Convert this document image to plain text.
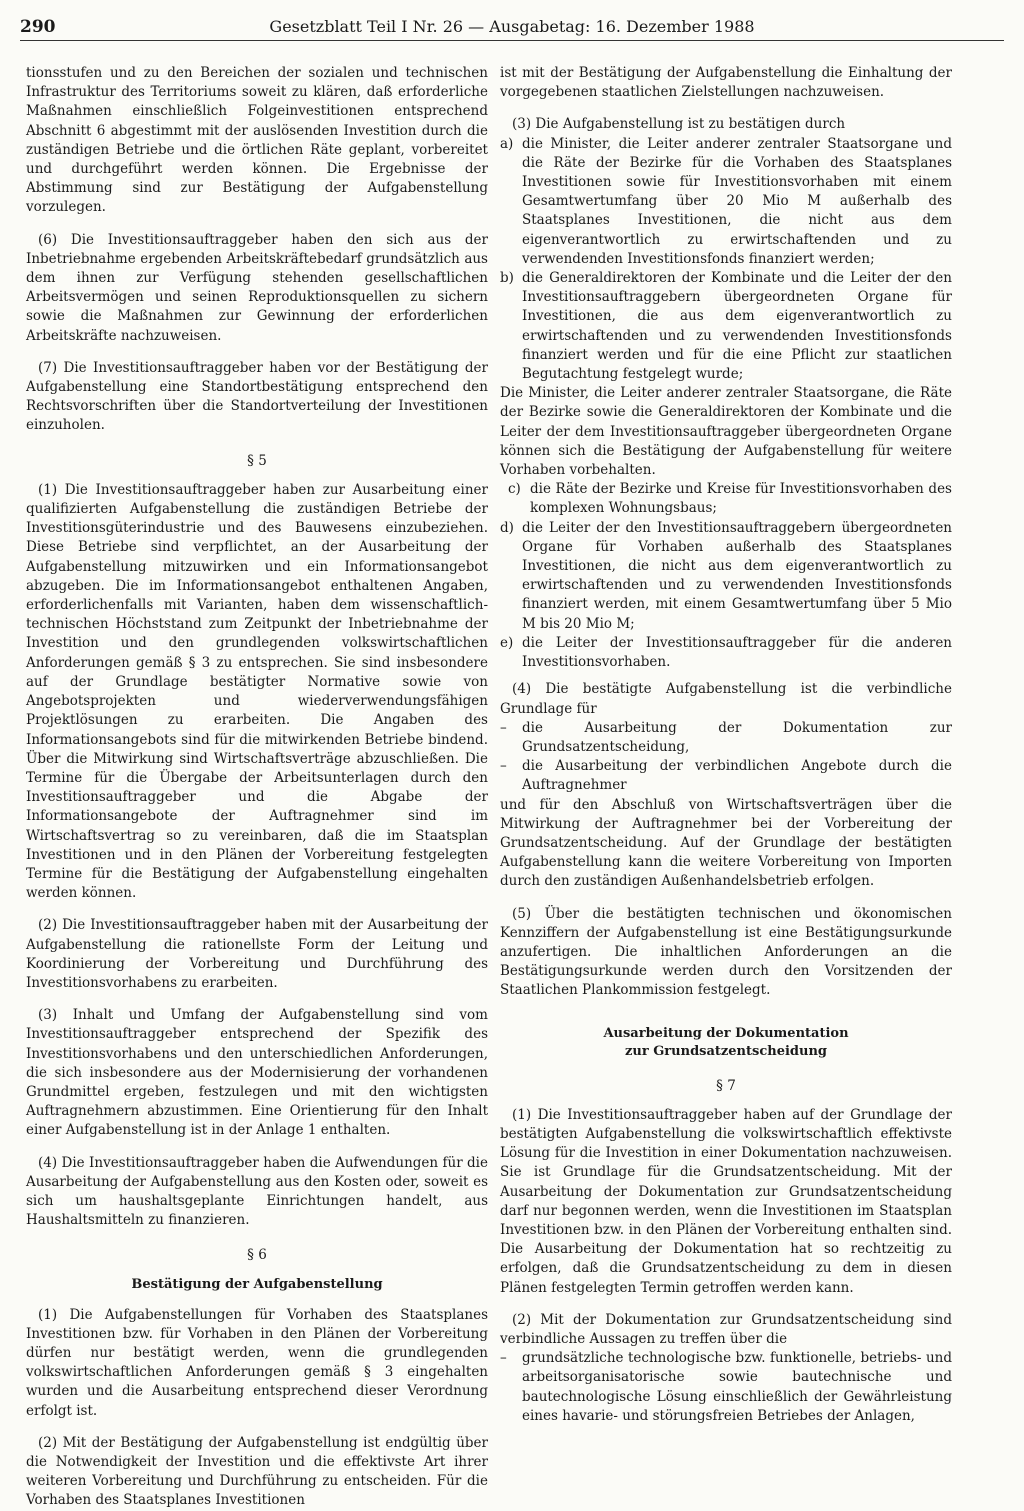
Gesetzblatt Teil I Nr. 26 — Ausgabetag: 16. Dezember 1988
290

tionsstufen und zu den Bereichen der sozialen und technischen Infrastruktur des Territoriums soweit zu klären, daß erforderliche Maßnahmen einschließlich Folgeinvestitionen entsprechend Abschnitt 6 abgestimmt mit der auslösenden Investition durch die zuständigen Betriebe und die örtlichen Räte geplant, vorbereitet und durchgeführt werden können. Die Ergebnisse der Abstimmung sind zur Bestätigung der Aufgabenstellung vorzulegen.

(6) Die Investitionsauftraggeber haben den sich aus der Inbetriebnahme ergebenden Arbeitskräftebedarf grundsätzlich aus dem ihnen zur Verfügung stehenden gesellschaftlichen Arbeitsvermögen und seinen Reproduktionsquellen zu sichern sowie die Maßnahmen zur Gewinnung der erforderlichen Arbeitskräfte nachzuweisen.

(7) Die Investitionsauftraggeber haben vor der Bestätigung der Aufgabenstellung eine Standortbestätigung entsprechend den Rechtsvorschriften über die Standortverteilung der Investitionen einzuholen.

§ 5

(1) Die Investitionsauftraggeber haben zur Ausarbeitung einer qualifizierten Aufgabenstellung die zuständigen Betriebe der Investitionsgüterindustrie und des Bauwesens einzubeziehen. Diese Betriebe sind verpflichtet, an der Ausarbeitung der Aufgabenstellung mitzuwirken und ein Informationsangebot abzugeben. Die im Informationsangebot enthaltenen Angaben, erforderlichenfalls mit Varianten, haben dem wissenschaftlich-technischen Höchststand zum Zeitpunkt der Inbetriebnahme der Investition und den grundlegenden volkswirtschaftlichen Anforderungen gemäß § 3 zu entsprechen. Sie sind insbesondere auf der Grundlage bestätigter Normative sowie von Angebotsprojekten und wiederverwendungsfähigen Projektlösungen zu erarbeiten. Die Angaben des Informationsangebots sind für die mitwirkenden Betriebe bindend. Über die Mitwirkung sind Wirtschaftsverträge abzuschließen. Die Termine für die Übergabe der Arbeitsunterlagen durch den Investitionsauftraggeber und die Abgabe der Informationsangebote der Auftragnehmer sind im Wirtschaftsvertrag so zu vereinbaren, daß die im Staatsplan Investitionen und in den Plänen der Vorbereitung festgelegten Termine für die Bestätigung der Aufgabenstellung eingehalten werden können.

(2) Die Investitionsauftraggeber haben mit der Ausarbeitung der Aufgabenstellung die rationellste Form der Leitung und Koordinierung der Vorbereitung und Durchführung des Investitionsvorhabens zu erarbeiten.

(3) Inhalt und Umfang der Aufgabenstellung sind vom Investitionsauftraggeber entsprechend der Spezifik des Investitionsvorhabens und den unterschiedlichen Anforderungen, die sich insbesondere aus der Modernisierung der vorhandenen Grundmittel ergeben, festzulegen und mit den wichtigsten Auftragnehmern abzustimmen. Eine Orientierung für den Inhalt einer Aufgabenstellung ist in der Anlage 1 enthalten.

(4) Die Investitionsauftraggeber haben die Aufwendungen für die Ausarbeitung der Aufgabenstellung aus den Kosten oder, soweit es sich um haushaltsgeplante Einrichtungen handelt, aus Haushaltsmitteln zu finanzieren.

§ 6
Bestätigung der Aufgabenstellung

(1) Die Aufgabenstellungen für Vorhaben des Staatsplanes Investitionen bzw. für Vorhaben in den Plänen der Vorbereitung dürfen nur bestätigt werden, wenn die grundlegenden volkswirtschaftlichen Anforderungen gemäß § 3 eingehalten wurden und die Ausarbeitung entsprechend dieser Verordnung erfolgt ist.

(2) Mit der Bestätigung der Aufgabenstellung ist endgültig über die Notwendigkeit der Investition und die effektivste Art ihrer weiteren Vorbereitung und Durchführung zu entscheiden. Für die Vorhaben des Staatsplanes Investitionen

ist mit der Bestätigung der Aufgabenstellung die Einhaltung der vorgegebenen staatlichen Zielstellungen nachzuweisen.

(3) Die Aufgabenstellung ist zu bestätigen durch

a) die Minister, die Leiter anderer zentraler Staatsorgane und die Räte der Bezirke für die Vorhaben des Staatsplanes Investitionen sowie für Investitionsvorhaben mit einem Gesamtwertumfang über 20 Mio M außerhalb des Staatsplanes Investitionen, die nicht aus dem eigenverantwortlich zu erwirtschaftenden und zu verwendenden Investitionsfonds finanziert werden;
b) die Generaldirektoren der Kombinate und die Leiter der den Investitionsauftraggebern übergeordneten Organe für Investitionen, die aus dem eigenverantwortlich zu erwirtschaftenden und zu verwendenden Investitionsfonds finanziert werden und für die eine Pflicht zur staatlichen Begutachtung festgelegt wurde;

Die Minister, die Leiter anderer zentraler Staatsorgane, die Räte der Bezirke sowie die Generaldirektoren der Kombinate und die Leiter der dem Investitionsauftraggeber übergeordneten Organe können sich die Bestätigung der Aufgabenstellung für weitere Vorhaben vorbehalten.

c) die Räte der Bezirke und Kreise für Investitionsvorhaben des komplexen Wohnungsbaus;
d) die Leiter der den Investitionsauftraggebern übergeordneten Organe für Vorhaben außerhalb des Staatsplanes Investitionen, die nicht aus dem eigenverantwortlich zu erwirtschaftenden und zu verwendenden Investitionsfonds finanziert werden, mit einem Gesamtwertumfang über 5 Mio M bis 20 Mio M;
e) die Leiter der Investitionsauftraggeber für die anderen Investitionsvorhaben.

(4) Die bestätigte Aufgabenstellung ist die verbindliche Grundlage für

–	die Ausarbeitung der Dokumentation zur Grundsatzentscheidung,
–	die Ausarbeitung der verbindlichen Angebote durch die Auftragnehmer

und für den Abschluß von Wirtschaftsverträgen über die Mitwirkung der Auftragnehmer bei der Vorbereitung der Grundsatzentscheidung. Auf der Grundlage der bestätigten Aufgabenstellung kann die weitere Vorbereitung von Importen durch den zuständigen Außenhandelsbetrieb erfolgen.

(5) Über die bestätigten technischen und ökonomischen Kennziffern der Aufgabenstellung ist eine Bestätigungsurkunde anzufertigen. Die inhaltlichen Anforderungen an die Bestätigungsurkunde werden durch den Vorsitzenden der Staatlichen Plankommission festgelegt.

Ausarbeitung der Dokumentation
zur Grundsatzentscheidung
§ 7

(1) Die Investitionsauftraggeber haben auf der Grundlage der bestätigten Aufgabenstellung die volkswirtschaftlich effektivste Lösung für die Investition in einer Dokumentation nachzuweisen. Sie ist Grundlage für die Grundsatzentscheidung. Mit der Ausarbeitung der Dokumentation zur Grundsatzentscheidung darf nur begonnen werden, wenn die Investitionen im Staatsplan Investitionen bzw. in den Plänen der Vorbereitung enthalten sind. Die Ausarbeitung der Dokumentation hat so rechtzeitig zu erfolgen, daß die Grundsatzentscheidung zu dem in diesen Plänen festgelegten Termin getroffen werden kann.

(2) Mit der Dokumentation zur Grundsatzentscheidung sind verbindliche Aussagen zu treffen über die

–	grundsätzliche technologische bzw. funktionelle, betriebs- und arbeitsorganisatorische sowie bautechnische und bautechnologische Lösung einschließlich der Gewährleistung eines havarie- und störungsfreien Betriebes der Anlagen,
